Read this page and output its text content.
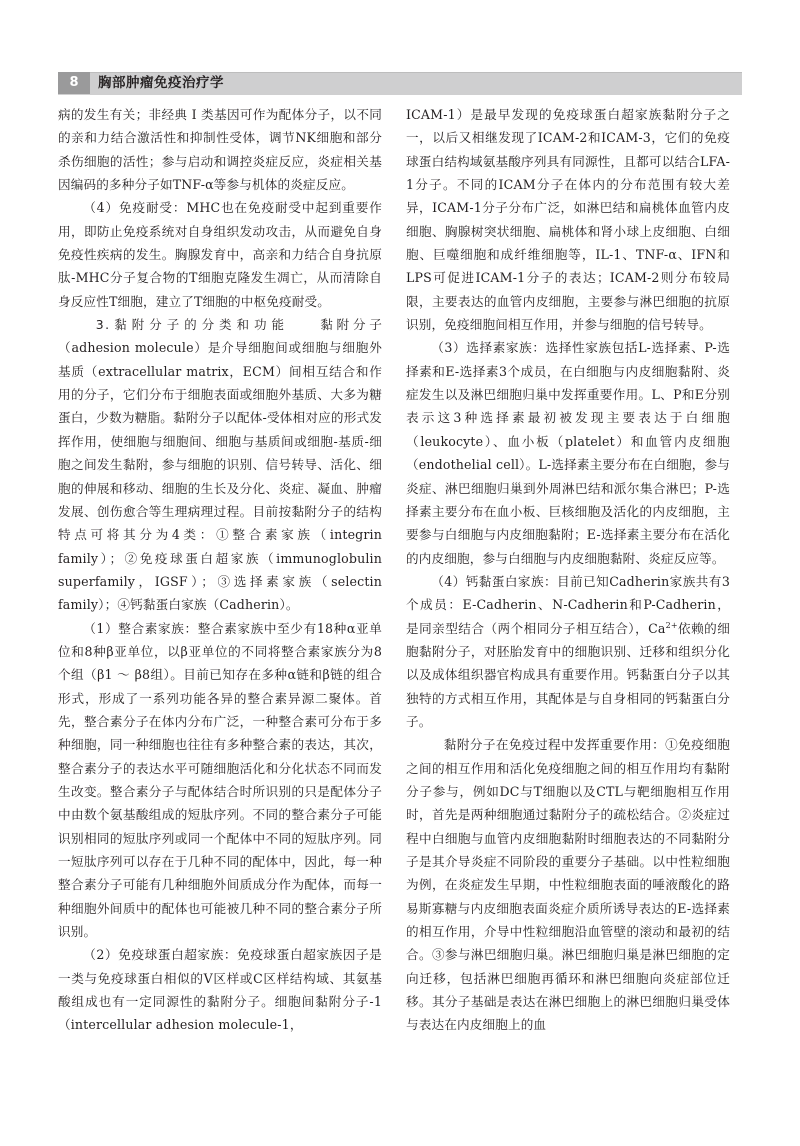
8	胸部肿瘤免疫治疗学

病的发生有关；非经典 I 类基因可作为配体分子，以不同的亲和力结合激活性和抑制性受体，调节NK细胞和部分杀伤细胞的活性；参与启动和调控炎症反应，炎症相关基因编码的多种分子如TNF-α等参与机体的炎症反应。

（4）免疫耐受：MHC也在免疫耐受中起到重要作用，即防止免疫系统对自身组织发动攻击，从而避免自身免疫性疾病的发生。胸腺发育中，高亲和力结合自身抗原肽-MHC分子复合物的T细胞克隆发生凋亡，从而清除自身反应性T细胞，建立了T细胞的中枢免疫耐受。

3.黏附分子的分类和功能 黏附分子（adhesion molecule）是介导细胞间或细胞与细胞外基质（extracellular matrix，ECM）间相互结合和作用的分子，它们分布于细胞表面或细胞外基质、大多为糖蛋白，少数为糖脂。黏附分子以配体-受体相对应的形式发挥作用，使细胞与细胞间、细胞与基质间或细胞-基质-细胞之间发生黏附，参与细胞的识别、信号转导、活化、细胞的伸展和移动、细胞的生长及分化、炎症、凝血、肿瘤发展、创伤愈合等生理病理过程。目前按黏附分子的结构特点可将其分为4类：①整合素家族（integrin family）；②免疫球蛋白超家族（immunoglobulin superfamily，IGSF）；③选择素家族（selectin family）；④钙黏蛋白家族（Cadherin）。

（1）整合素家族：整合素家族中至少有18种α亚单位和8种β亚单位，以β亚单位的不同将整合素家族分为8个组（β1 ～ β8组）。目前已知存在多种α链和β链的组合形式，形成了一系列功能各异的整合素异源二聚体。首先，整合素分子在体内分布广泛，一种整合素可分布于多种细胞，同一种细胞也往往有多种整合素的表达，其次，整合素分子的表达水平可随细胞活化和分化状态不同而发生改变。整合素分子与配体结合时所识别的只是配体分子中由数个氨基酸组成的短肽序列。不同的整合素分子可能识别相同的短肽序列或同一个配体中不同的短肽序列。同一短肽序列可以存在于几种不同的配体中，因此，每一种整合素分子可能有几种细胞外间质成分作为配体，而每一种细胞外间质中的配体也可能被几种不同的整合素分子所识别。

（2）免疫球蛋白超家族：免疫球蛋白超家族因子是一类与免疫球蛋白相似的Ⅴ区样或C区样结构域、其氨基酸组成也有一定同源性的黏附分子。细胞间黏附分子-1（intercellular adhesion molecule-1，

ICAM-1）是最早发现的免疫球蛋白超家族黏附分子之一，以后又相继发现了ICAM-2和ICAM-3，它们的免疫球蛋白结构域氨基酸序列具有同源性，且都可以结合LFA-1分子。不同的ICAM分子在体内的分布范围有较大差异，ICAM-1分子分布广泛，如淋巴结和扁桃体血管内皮细胞、胸腺树突状细胞、扁桃体和肾小球上皮细胞、白细胞、巨噬细胞和成纤维细胞等，IL-1、TNF-α、IFN和LPS可促进ICAM-1分子的表达；ICAM-2则分布较局限，主要表达的血管内皮细胞，主要参与淋巴细胞的抗原识别，免疫细胞间相互作用，并参与细胞的信号转导。

（3）选择素家族：选择性家族包括L-选择素、P-选择素和E-选择素3个成员，在白细胞与内皮细胞黏附、炎症发生以及淋巴细胞归巢中发挥重要作用。L、P和E分别表示这3种选择素最初被发现主要表达于白细胞（leukocyte）、血小板（platelet）和血管内皮细胞（endothelial cell）。L-选择素主要分布在白细胞，参与炎症、淋巴细胞归巢到外周淋巴结和派尔集合淋巴；P-选择素主要分布在血小板、巨核细胞及活化的内皮细胞，主要参与白细胞与内皮细胞黏附；E-选择素主要分布在活化的内皮细胞，参与白细胞与内皮细胞黏附、炎症反应等。

（4）钙黏蛋白家族：目前已知Cadherin家族共有3个成员：E-Cadherin、N-Cadherin和P-Cadherin，是同亲型结合（两个相同分子相互结合），$Ca^{2+}$依赖的细胞黏附分子，对胚胎发育中的细胞识别、迁移和组织分化以及成体组织器官构成具有重要作用。钙黏蛋白分子以其独特的方式相互作用，其配体是与自身相同的钙黏蛋白分子。

黏附分子在免疫过程中发挥重要作用：①免疫细胞之间的相互作用和活化免疫细胞之间的相互作用均有黏附分子参与，例如DC与T细胞以及CTL与靶细胞相互作用时，首先是两种细胞通过黏附分子的疏松结合。②炎症过程中白细胞与血管内皮细胞黏附时细胞表达的不同黏附分子是其介导炎症不同阶段的重要分子基础。以中性粒细胞为例，在炎症发生早期，中性粒细胞表面的唾液酸化的路易斯寡糖与内皮细胞表面炎症介质所诱导表达的E-选择素的相互作用，介导中性粒细胞沿血管壁的滚动和最初的结合。③参与淋巴细胞归巢。淋巴细胞归巢是淋巴细胞的定向迁移，包括淋巴细胞再循环和淋巴细胞向炎症部位迁移。其分子基础是表达在淋巴细胞上的淋巴细胞归巢受体与表达在内皮细胞上的血
